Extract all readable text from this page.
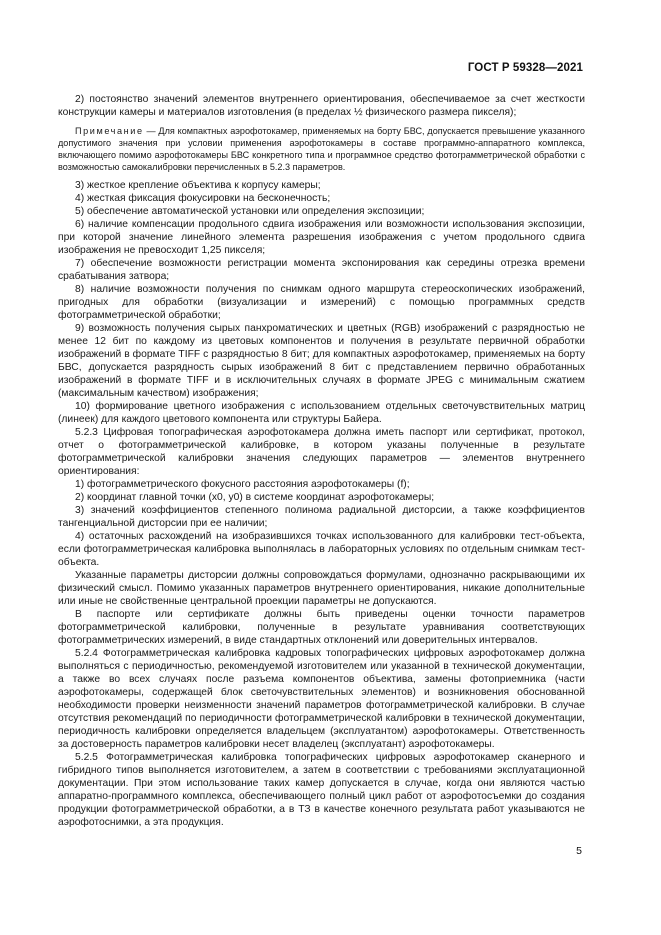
ГОСТ Р 59328—2021

2) постоянство значений элементов внутреннего ориентирования, обеспечиваемое за счет жесткости конструкции камеры и материалов изготовления (в пределах ½ физического размера пикселя);

Примечание — Для компактных аэрофотокамер, применяемых на борту БВС, допускается превышение указанного допустимого значения при условии применения аэрофотокамеры в составе программно-аппаратного комплекса, включающего помимо аэрофотокамеры БВС конкретного типа и программное средство фотограмметрической обработки с возможностью самокалибровки перечисленных в 5.2.3 параметров.

3) жесткое крепление объектива к корпусу камеры;

4) жесткая фиксация фокусировки на бесконечность;

5) обеспечение автоматической установки или определения экспозиции;

6) наличие компенсации продольного сдвига изображения или возможности использования экспозиции, при которой значение линейного элемента разрешения изображения с учетом продольного сдвига изображения не превосходит 1,25 пикселя;

7) обеспечение возможности регистрации момента экспонирования как середины отрезка времени срабатывания затвора;

8) наличие возможности получения по снимкам одного маршрута стереоскопических изображений, пригодных для обработки (визуализации и измерений) с помощью программных средств фотограмметрической обработки;

9) возможность получения сырых панхроматических и цветных (RGB) изображений с разрядностью не менее 12 бит по каждому из цветовых компонентов и получения в результате первичной обработки изображений в формате TIFF с разрядностью 8 бит; для компактных аэрофотокамер, применяемых на борту БВС, допускается разрядность сырых изображений 8 бит с представлением первично обработанных изображений в формате TIFF и в исключительных случаях в формате JPEG с минимальным сжатием (максимальным качеством) изображения;

10) формирование цветного изображения с использованием отдельных светочувствительных матриц (линеек) для каждого цветового компонента или структуры Байера.

5.2.3 Цифровая топографическая аэрофотокамера должна иметь паспорт или сертификат, протокол, отчет о фотограмметрической калибровке, в котором указаны полученные в результате фотограмметрической калибровки значения следующих параметров — элементов внутреннего ориентирования:

1) фотограмметрического фокусного расстояния аэрофотокамеры (f);

2) координат главной точки (x0, y0) в системе координат аэрофотокамеры;

3) значений коэффициентов степенного полинома радиальной дисторсии, а также коэффициентов тангенциальной дисторсии при ее наличии;

4) остаточных расхождений на изобразившихся точках использованного для калибровки тест-объекта, если фотограмметрическая калибровка выполнялась в лабораторных условиях по отдельным снимкам тест-объекта.

Указанные параметры дисторсии должны сопровождаться формулами, однозначно раскрывающими их физический смысл. Помимо указанных параметров внутреннего ориентирования, никакие дополнительные или иные не свойственные центральной проекции параметры не допускаются.

В паспорте или сертификате должны быть приведены оценки точности параметров фотограмметрической калибровки, полученные в результате уравнивания соответствующих фотограмметрических измерений, в виде стандартных отклонений или доверительных интервалов.

5.2.4 Фотограмметрическая калибровка кадровых топографических цифровых аэрофотокамер должна выполняться с периодичностью, рекомендуемой изготовителем или указанной в технической документации, а также во всех случаях после разъема компонентов объектива, замены фотоприемника (части аэрофотокамеры, содержащей блок светочувствительных элементов) и возникновения обоснованной необходимости проверки неизменности значений параметров фотограмметрической калибровки. В случае отсутствия рекомендаций по периодичности фотограмметрической калибровки в технической документации, периодичность калибровки определяется владельцем (эксплуатантом) аэрофотокамеры. Ответственность за достоверность параметров калибровки несет владелец (эксплуатант) аэрофотокамеры.

5.2.5 Фотограмметрическая калибровка топографических цифровых аэрофотокамер сканерного и гибридного типов выполняется изготовителем, а затем в соответствии с требованиями эксплуатационной документации. При этом использование таких камер допускается в случае, когда они являются частью аппаратно-программного комплекса, обеспечивающего полный цикл работ от аэрофотосъемки до создания продукции фотограмметрической обработки, а в ТЗ в качестве конечного результата работ указываются не аэрофотоснимки, а эта продукция.

5
